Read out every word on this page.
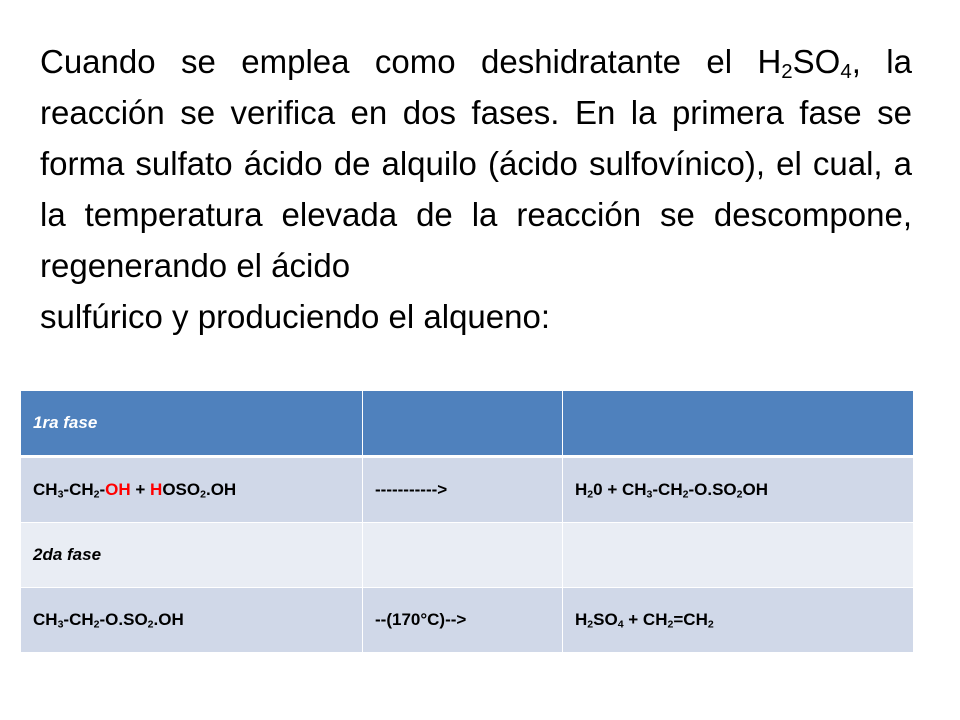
Cuando se emplea como deshidratante el $H_2SO_4$, la reacción se verifica en dos fases. En la primera fase se forma sulfato ácido de alquilo (ácido sulfovínico), el cual, a la temperatura elevada de la reacción se descompone, regenerando el ácido
sulfúrico y produciendo el alqueno:

1ra fase		
$CH_3-CH_2-OH$ + $HOSO_2.OH$	----------->	$H_20 + CH_3-CH_2-O.SO_2OH$
2da fase		
$CH_3-CH_2-O.SO_2.OH$	--(170°C)-->	$H_2SO_4 + CH_2=CH_2$
